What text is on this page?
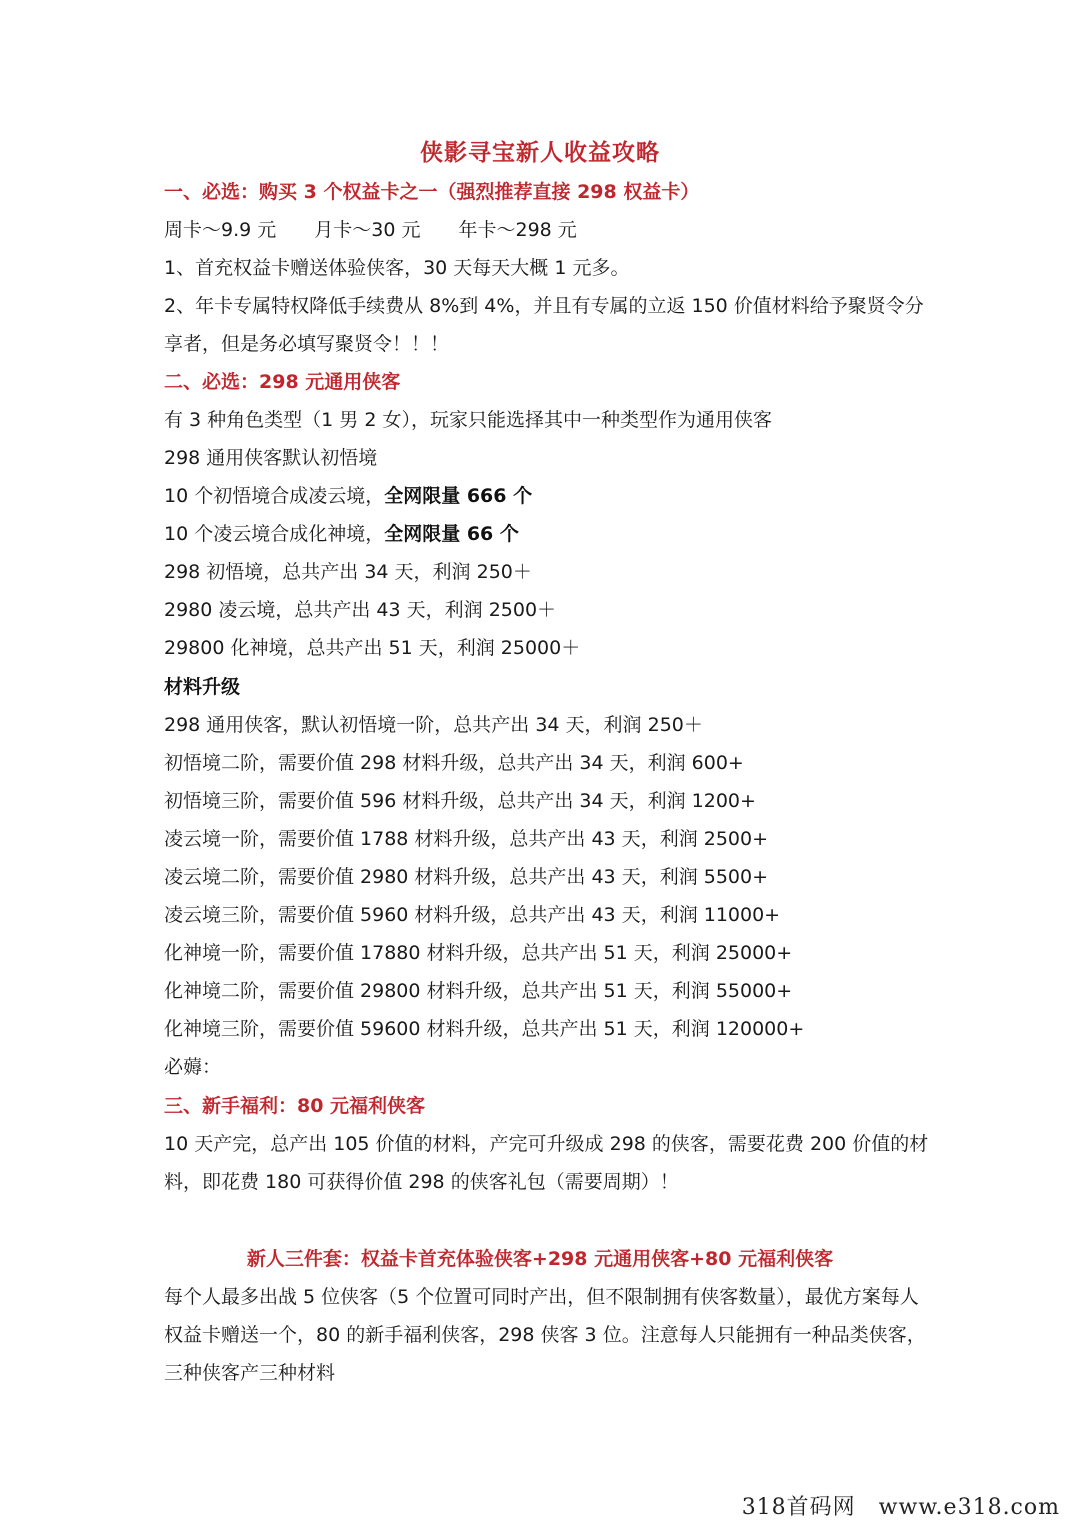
侠影寻宝新人收益攻略
一、必选：购买 3 个权益卡之一（强烈推荐直接 298 权益卡）
周卡～9.9 元 月卡～30 元 年卡～298 元
1、首充权益卡赠送体验侠客，30 天每天大概 1 元多。
2、年卡专属特权降低手续费从 8%到 4%，并且有专属的立返 150 价值材料给予聚贤令分
享者，但是务必填写聚贤令！！！
二、必选：298 元通用侠客
有 3 种角色类型（1 男 2 女），玩家只能选择其中一种类型作为通用侠客
298 通用侠客默认初悟境
10 个初悟境合成凌云境，全网限量 666 个
10 个凌云境合成化神境，全网限量 66 个
298 初悟境，总共产出 34 天，利润 250＋
2980 凌云境，总共产出 43 天，利润 2500＋
29800 化神境，总共产出 51 天，利润 25000＋
材料升级
298 通用侠客，默认初悟境一阶，总共产出 34 天，利润 250＋
初悟境二阶，需要价值 298 材料升级，总共产出 34 天，利润 600+
初悟境三阶，需要价值 596 材料升级，总共产出 34 天，利润 1200+
凌云境一阶，需要价值 1788 材料升级，总共产出 43 天，利润 2500+
凌云境二阶，需要价值 2980 材料升级，总共产出 43 天，利润 5500+
凌云境三阶，需要价值 5960 材料升级，总共产出 43 天，利润 11000+
化神境一阶，需要价值 17880 材料升级，总共产出 51 天，利润 25000+
化神境二阶，需要价值 29800 材料升级，总共产出 51 天，利润 55000+
化神境三阶，需要价值 59600 材料升级，总共产出 51 天，利润 120000+
必薅：
三、新手福利：80 元福利侠客
10 天产完，总产出 105 价值的材料，产完可升级成 298 的侠客，需要花费 200 价值的材
料，即花费 180 可获得价值 298 的侠客礼包（需要周期）！
新人三件套：权益卡首充体验侠客+298 元通用侠客+80 元福利侠客
每个人最多出战 5 位侠客（5 个位置可同时产出，但不限制拥有侠客数量），最优方案每人
权益卡赠送一个，80 的新手福利侠客，298 侠客 3 位。注意每人只能拥有一种品类侠客，
三种侠客产三种材料
318首码网　www.e318.com
